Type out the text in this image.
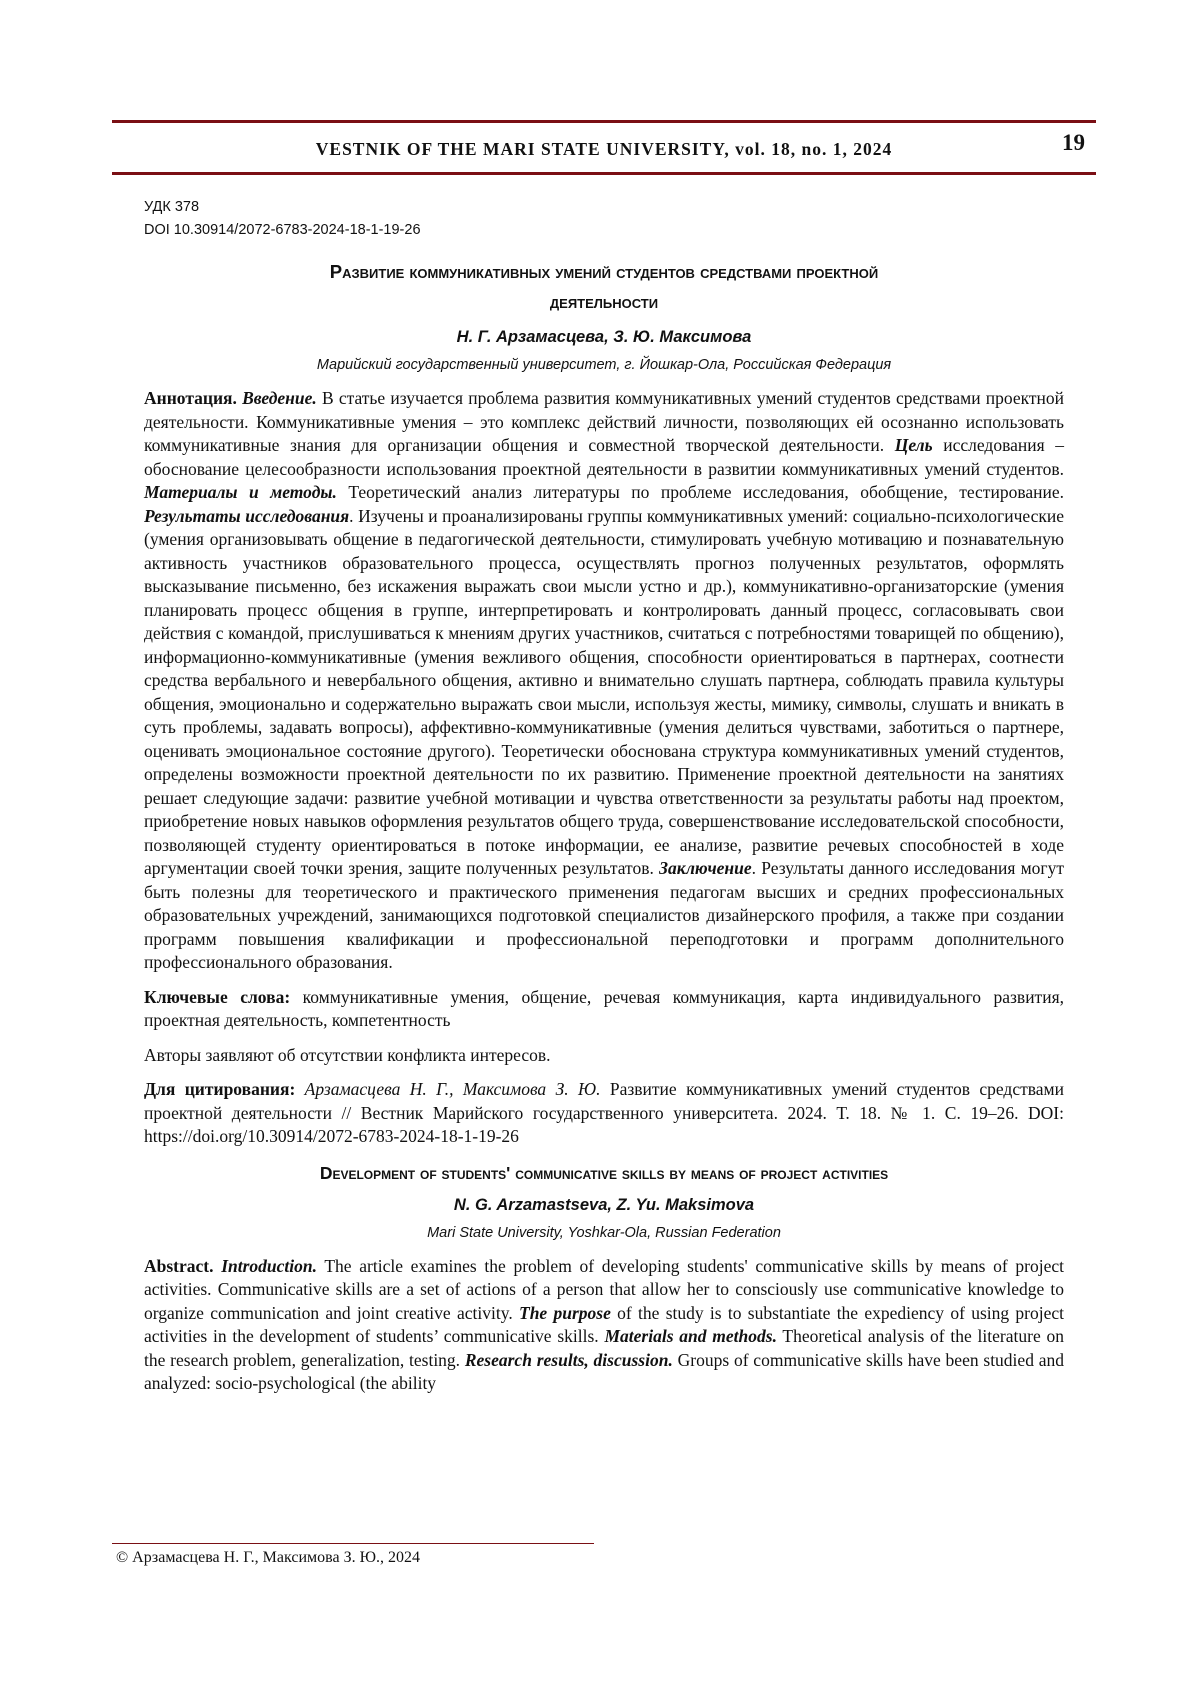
VESTNIK OF THE MARI STATE UNIVERSITY, vol. 18, no. 1, 2024	19
УДК 378
DOI 10.30914/2072-6783-2024-18-1-19-26
Развитие коммуникативных умений студентов средствами проектной
деятельности
Н. Г. Арзамасцева, З. Ю. Максимова
Марийский государственный университет, г. Йошкар-Ола, Российская Федерация
Аннотация. Введение. В статье изучается проблема развития коммуникативных умений студентов средствами проектной деятельности. Коммуникативные умения – это комплекс действий личности, позволяющих ей осознанно использовать коммуникативные знания для организации общения и совместной творческой деятельности. Цель исследования – обоснование целесообразности использования проектной деятельности в развитии коммуникативных умений студентов. Материалы и методы. Теоретический анализ литературы по проблеме исследования, обобщение, тестирование. Результаты исследования. Изучены и проанализированы группы коммуникативных умений: социально-психологические (умения организовывать общение в педагогической деятельности, стимулировать учебную мотивацию и познавательную активность участников образовательного процесса, осуществлять прогноз полученных результатов, оформлять высказывание письменно, без искажения выражать свои мысли устно и др.), коммуникативно-организаторские (умения планировать процесс общения в группе, интерпретировать и контролировать данный процесс, согласовывать свои действия с командой, прислушиваться к мнениям других участников, считаться с потребностями товарищей по общению), информационно-коммуникативные (умения вежливого общения, способности ориентироваться в партнерах, соотнести средства вербального и невербального общения, активно и внимательно слушать партнера, соблюдать правила культуры общения, эмоционально и содержательно выражать свои мысли, используя жесты, мимику, символы, слушать и вникать в суть проблемы, задавать вопросы), аффективно-коммуникативные (умения делиться чувствами, заботиться о партнере, оценивать эмоциональное состояние другого). Теоретически обоснована структура коммуникативных умений студентов, определены возможности проектной деятельности по их развитию. Применение проектной деятельности на занятиях решает следующие задачи: развитие учебной мотивации и чувства ответственности за результаты работы над проектом, приобретение новых навыков оформления результатов общего труда, совершенствование исследовательской способности, позволяющей студенту ориентироваться в потоке информации, ее анализе, развитие речевых способностей в ходе аргументации своей точки зрения, защите полученных результатов. Заключение. Результаты данного исследования могут быть полезны для теоретического и практического применения педагогам высших и средних профессиональных образовательных учреждений, занимающихся подготовкой специалистов дизайнерского профиля, а также при создании программ повышения квалификации и профессиональной переподготовки и программ дополнительного профессионального образования.
Ключевые слова: коммуникативные умения, общение, речевая коммуникация, карта индивидуального развития, проектная деятельность, компетентность
Авторы заявляют об отсутствии конфликта интересов.
Для цитирования: Арзамасцева Н. Г., Максимова З. Ю. Развитие коммуникативных умений студентов средствами проектной деятельности // Вестник Марийского государственного университета. 2024. Т. 18. № 1. С. 19–26. DOI: https://doi.org/10.30914/2072-6783-2024-18-1-19-26
Development of students' communicative skills by means of project activities
N. G. Arzamastseva, Z. Yu. Maksimova
Mari State University, Yoshkar-Ola, Russian Federation
Abstract. Introduction. The article examines the problem of developing students' communicative skills by means of project activities. Communicative skills are a set of actions of a person that allow her to consciously use communicative knowledge to organize communication and joint creative activity. The purpose of the study is to substantiate the expediency of using project activities in the development of students’ communicative skills. Materials and methods. Theoretical analysis of the literature on the research problem, generalization, testing. Research results, discussion. Groups of communicative skills have been studied and analyzed: socio-psychological (the ability
© Арзамасцева Н. Г., Максимова З. Ю., 2024
